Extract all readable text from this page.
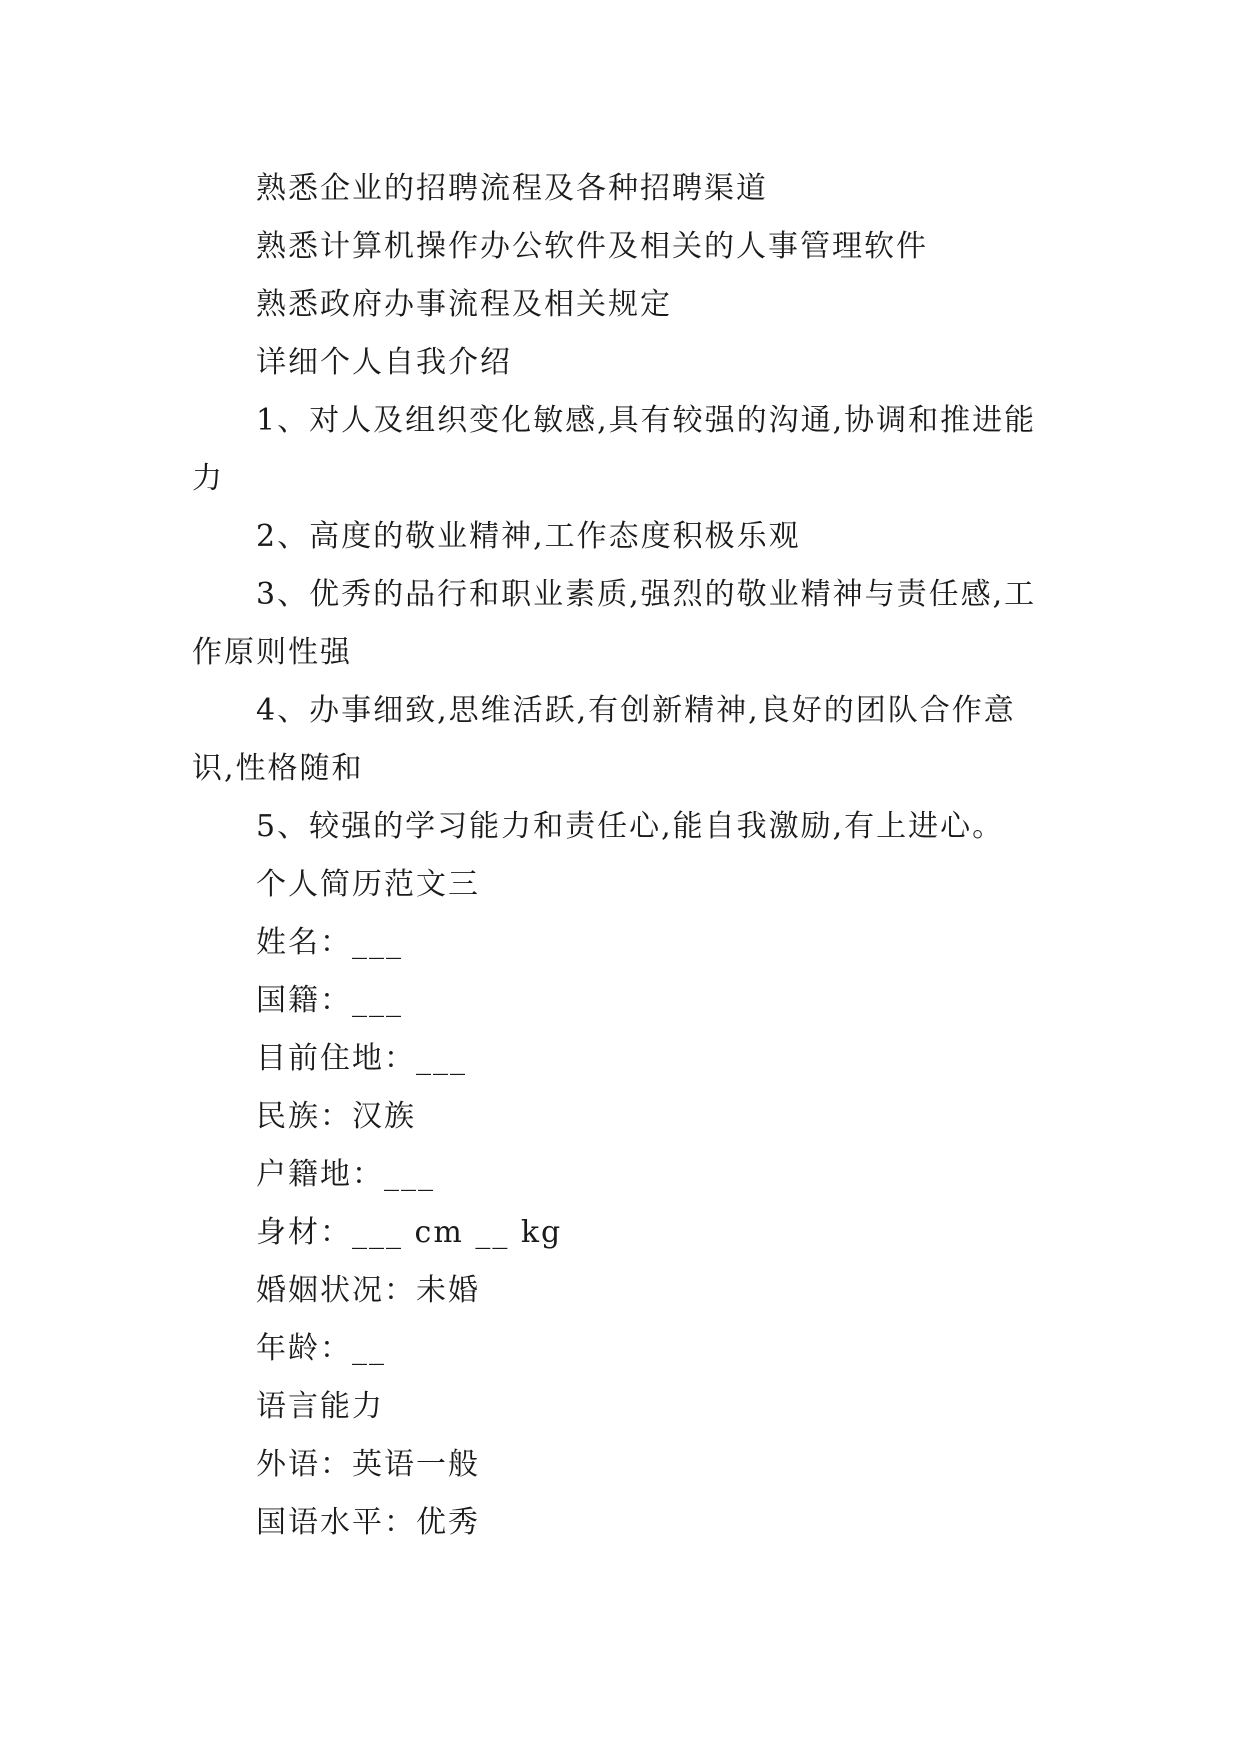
熟悉企业的招聘流程及各种招聘渠道

熟悉计算机操作办公软件及相关的人事管理软件

熟悉政府办事流程及相关规定

详细个人自我介绍

1、对人及组织变化敏感,具有较强的沟通,协调和推进能力

2、高度的敬业精神,工作态度积极乐观

3、优秀的品行和职业素质,强烈的敬业精神与责任感,工作原则性强

4、办事细致,思维活跃,有创新精神,良好的团队合作意识,性格随和

5、较强的学习能力和责任心,能自我激励,有上进心。

个人简历范文三

姓名：___

国籍：___

目前住地：___

民族：汉族

户籍地：___

身材：___ cm __ kg

婚姻状况：未婚

年龄：__

语言能力

外语：英语一般

国语水平：优秀
